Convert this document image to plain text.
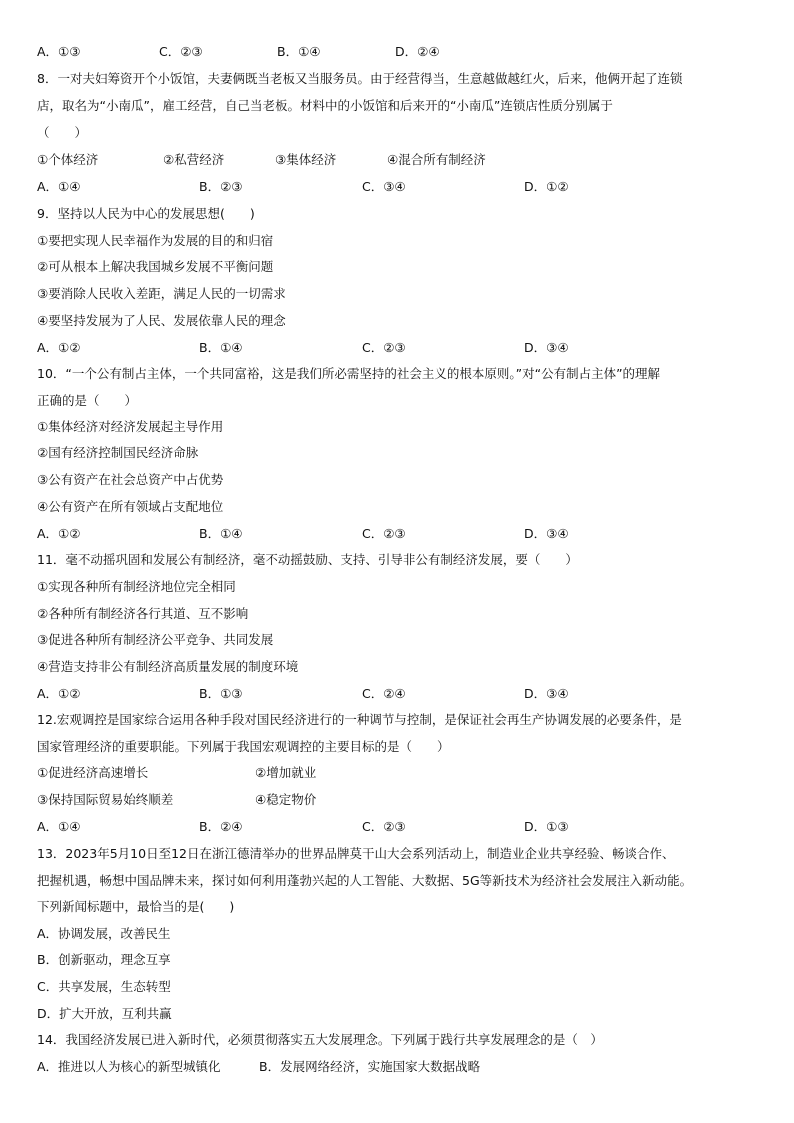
A．①③	C．②③	B．①④	D．②④
8．一对夫妇筹资开个小饭馆，夫妻俩既当老板又当服务员。由于经营得当，生意越做越红火，后来，他俩开起了连锁
店，取名为“小南瓜”，雇工经营，自己当老板。材料中的小饭馆和后来开的“小南瓜”连锁店性质分别属于
（　　）
①个体经济	②私营经济	③集体经济	④混合所有制经济
A．①④	B．②③	C．③④	D．①②
9．坚持以人民为中心的发展思想(　　)
①要把实现人民幸福作为发展的目的和归宿
②可从根本上解决我国城乡发展不平衡问题
③要消除人民收入差距，满足人民的一切需求
④要坚持发展为了人民、发展依靠人民的理念
A．①②	B．①④	C．②③	D．③④
10．“一个公有制占主体，一个共同富裕，这是我们所必需坚持的社会主义的根本原则。”对“公有制占主体”的理解
正确的是（　　）
①集体经济对经济发展起主导作用
②国有经济控制国民经济命脉
③公有资产在社会总资产中占优势
④公有资产在所有领域占支配地位
A．①②	B．①④	C．②③	D．③④
11．毫不动摇巩固和发展公有制经济，毫不动摇鼓励、支持、引导非公有制经济发展，要（　　）
①实现各种所有制经济地位完全相同
②各种所有制经济各行其道、互不影响
③促进各种所有制经济公平竞争、共同发展
④营造支持非公有制经济高质量发展的制度环境
A．①②	B．①③	C．②④	D．③④
12.宏观调控是国家综合运用各种手段对国民经济进行的一种调节与控制，是保证社会再生产协调发展的必要条件，是
国家管理经济的重要职能。下列属于我国宏观调控的主要目标的是（　　）
①促进经济高速增长	②增加就业
③保持国际贸易始终顺差	④稳定物价
A．①④	B．②④	C．②③	D．①③
13．2023年5月10日至12日在浙江德清举办的世界品牌莫干山大会系列活动上，制造业企业共享经验、畅谈合作、
把握机遇，畅想中国品牌未来，探讨如何利用蓬勃兴起的人工智能、大数据、5G等新技术为经济社会发展注入新动能。
下列新闻标题中，最恰当的是(　　)
A．协调发展，改善民生
B．创新驱动，理念互享
C．共享发展，生态转型
D．扩大开放，互利共赢
14．我国经济发展已进入新时代，必须贯彻落实五大发展理念。下列属于践行共享发展理念的是（　）
A．推进以人为核心的新型城镇化	B．发展网络经济，实施国家大数据战略
